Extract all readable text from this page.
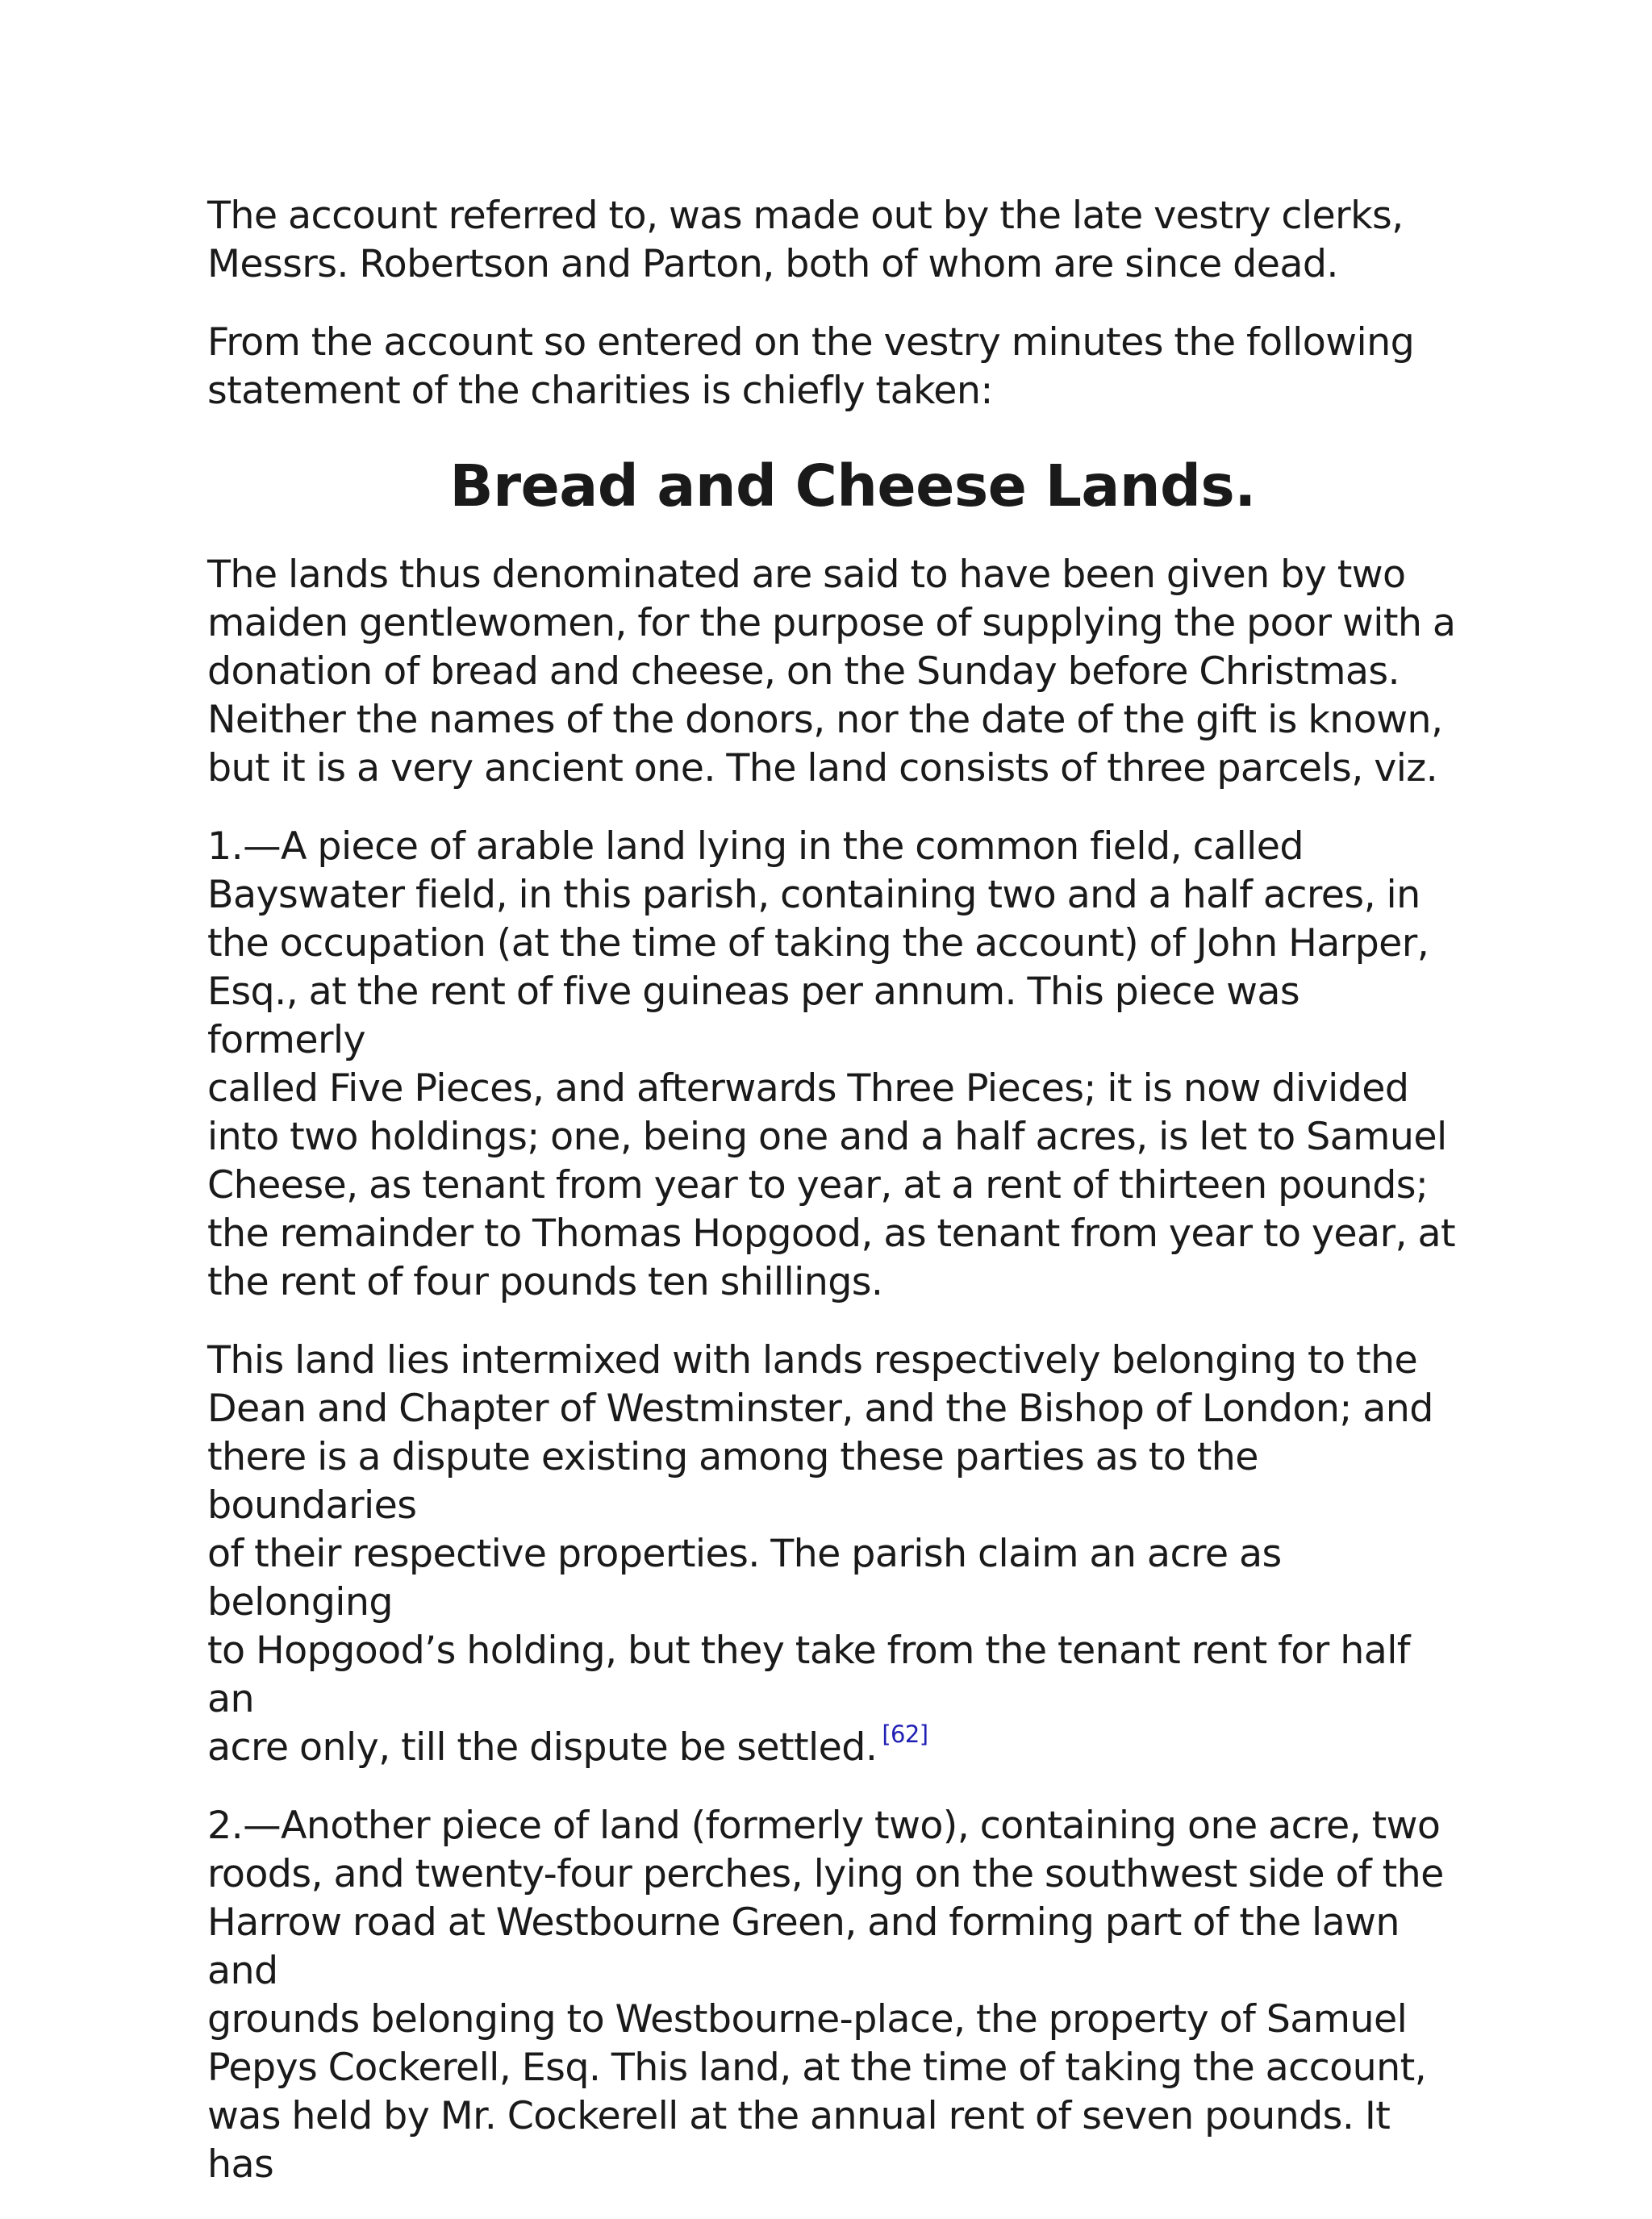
The account referred to, was made out by the late vestry clerks,
Messrs. Robertson and Parton, both of whom are since dead.

From the account so entered on the vestry minutes the following
statement of the charities is chiefly taken:

Bread and Cheese Lands.

The lands thus denominated are said to have been given by two
maiden gentlewomen, for the purpose of supplying the poor with a
donation of bread and cheese, on the Sunday before Christmas.
Neither the names of the donors, nor the date of the gift is known,
but it is a very ancient one. The land consists of three parcels, viz.

1.—A piece of arable land lying in the common field, called
Bayswater field, in this parish, containing two and a half acres, in
the occupation (at the time of taking the account) of John Harper,
Esq., at the rent of five guineas per annum. This piece was formerly
called Five Pieces, and afterwards Three Pieces; it is now divided
into two holdings; one, being one and a half acres, is let to Samuel
Cheese, as tenant from year to year, at a rent of thirteen pounds;
the remainder to Thomas Hopgood, as tenant from year to year, at
the rent of four pounds ten shillings.

This land lies intermixed with lands respectively belonging to the
Dean and Chapter of Westminster, and the Bishop of London; and
there is a dispute existing among these parties as to the boundaries
of their respective properties. The parish claim an acre as belonging
to Hopgood’s holding, but they take from the tenant rent for half an
acre only, till the dispute be settled. [62]

2.—Another piece of land (formerly two), containing one acre, two
roods, and twenty-four perches, lying on the southwest side of the
Harrow road at Westbourne Green, and forming part of the lawn and
grounds belonging to Westbourne-place, the property of Samuel
Pepys Cockerell, Esq. This land, at the time of taking the account,
was held by Mr. Cockerell at the annual rent of seven pounds. It has
